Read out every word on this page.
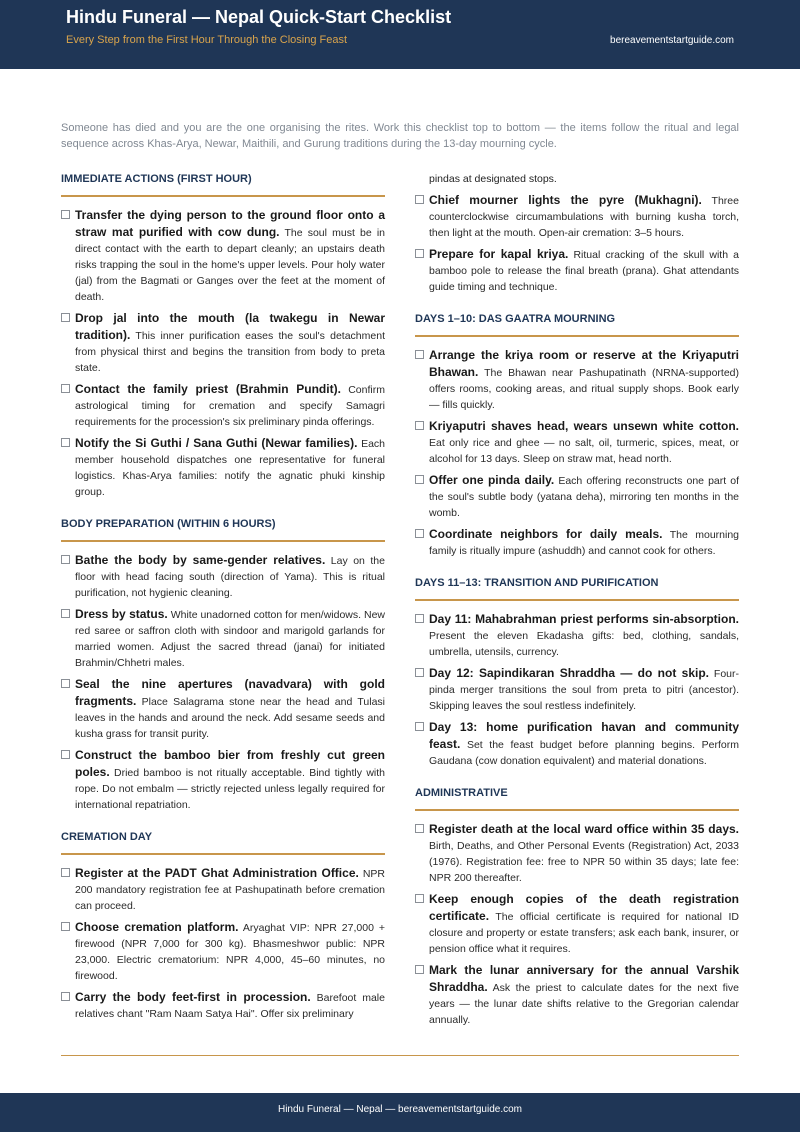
Hindu Funeral — Nepal Quick-Start Checklist
Every Step from the First Hour Through the Closing Feast	bereavementstartguide.com
Someone has died and you are the one organising the rites. Work this checklist top to bottom — the items follow the ritual and legal sequence across Khas-Arya, Newar, Maithili, and Gurung traditions during the 13-day mourning cycle.
IMMEDIATE ACTIONS (FIRST HOUR)
Transfer the dying person to the ground floor onto a straw mat purified with cow dung. The soul must be in direct contact with the earth to depart cleanly; an upstairs death risks trapping the soul in the home's upper levels. Pour holy water (jal) from the Bagmati or Ganges over the feet at the moment of death.
Drop jal into the mouth (la twakegu in Newar tradition). This inner purification eases the soul's detachment from physical thirst and begins the transition from body to preta state.
Contact the family priest (Brahmin Pundit). Confirm astrological timing for cremation and specify Samagri requirements for the procession's six preliminary pinda offerings.
Notify the Si Guthi / Sana Guthi (Newar families). Each member household dispatches one representative for funeral logistics. Khas-Arya families: notify the agnatic phuki kinship group.
BODY PREPARATION (WITHIN 6 HOURS)
Bathe the body by same-gender relatives. Lay on the floor with head facing south (direction of Yama). This is ritual purification, not hygienic cleaning.
Dress by status. White unadorned cotton for men/widows. New red saree or saffron cloth with sindoor and marigold garlands for married women. Adjust the sacred thread (janai) for initiated Brahmin/Chhetri males.
Seal the nine apertures (navadvara) with gold fragments. Place Salagrama stone near the head and Tulasi leaves in the hands and around the neck. Add sesame seeds and kusha grass for transit purity.
Construct the bamboo bier from freshly cut green poles. Dried bamboo is not ritually acceptable. Bind tightly with rope. Do not embalm — strictly rejected unless legally required for international repatriation.
CREMATION DAY
Register at the PADT Ghat Administration Office. NPR 200 mandatory registration fee at Pashupatinath before cremation can proceed.
Choose cremation platform. Aryaghat VIP: NPR 27,000 + firewood (NPR 7,000 for 300 kg). Bhasmeshwor public: NPR 23,000. Electric crematorium: NPR 4,000, 45–60 minutes, no firewood.
Carry the body feet-first in procession. Barefoot male relatives chant "Ram Naam Satya Hai". Offer six preliminary
pindas at designated stops.
Chief mourner lights the pyre (Mukhagni). Three counterclockwise circumambulations with burning kusha torch, then light at the mouth. Open-air cremation: 3–5 hours.
Prepare for kapal kriya. Ritual cracking of the skull with a bamboo pole to release the final breath (prana). Ghat attendants guide timing and technique.
DAYS 1–10: DAS GAATRA MOURNING
Arrange the kriya room or reserve at the Kriyaputri Bhawan. The Bhawan near Pashupatinath (NRNA-supported) offers rooms, cooking areas, and ritual supply shops. Book early — fills quickly.
Kriyaputri shaves head, wears unsewn white cotton. Eat only rice and ghee — no salt, oil, turmeric, spices, meat, or alcohol for 13 days. Sleep on straw mat, head north.
Offer one pinda daily. Each offering reconstructs one part of the soul's subtle body (yatana deha), mirroring ten months in the womb.
Coordinate neighbors for daily meals. The mourning family is ritually impure (ashuddh) and cannot cook for others.
DAYS 11–13: TRANSITION AND PURIFICATION
Day 11: Mahabrahman priest performs sin-absorption. Present the eleven Ekadasha gifts: bed, clothing, sandals, umbrella, utensils, currency.
Day 12: Sapindikaran Shraddha — do not skip. Four-pinda merger transitions the soul from preta to pitri (ancestor). Skipping leaves the soul restless indefinitely.
Day 13: home purification havan and community feast. Set the feast budget before planning begins. Perform Gaudana (cow donation equivalent) and material donations.
ADMINISTRATIVE
Register death at the local ward office within 35 days. Birth, Deaths, and Other Personal Events (Registration) Act, 2033 (1976). Registration fee: free to NPR 50 within 35 days; late fee: NPR 200 thereafter.
Keep enough copies of the death registration certificate. The official certificate is required for national ID closure and property or estate transfers; ask each bank, insurer, or pension office what it requires.
Mark the lunar anniversary for the annual Varshik Shraddha. Ask the priest to calculate dates for the next five years — the lunar date shifts relative to the Gregorian calendar annually.
Hindu Funeral — Nepal — bereavementstartguide.com
